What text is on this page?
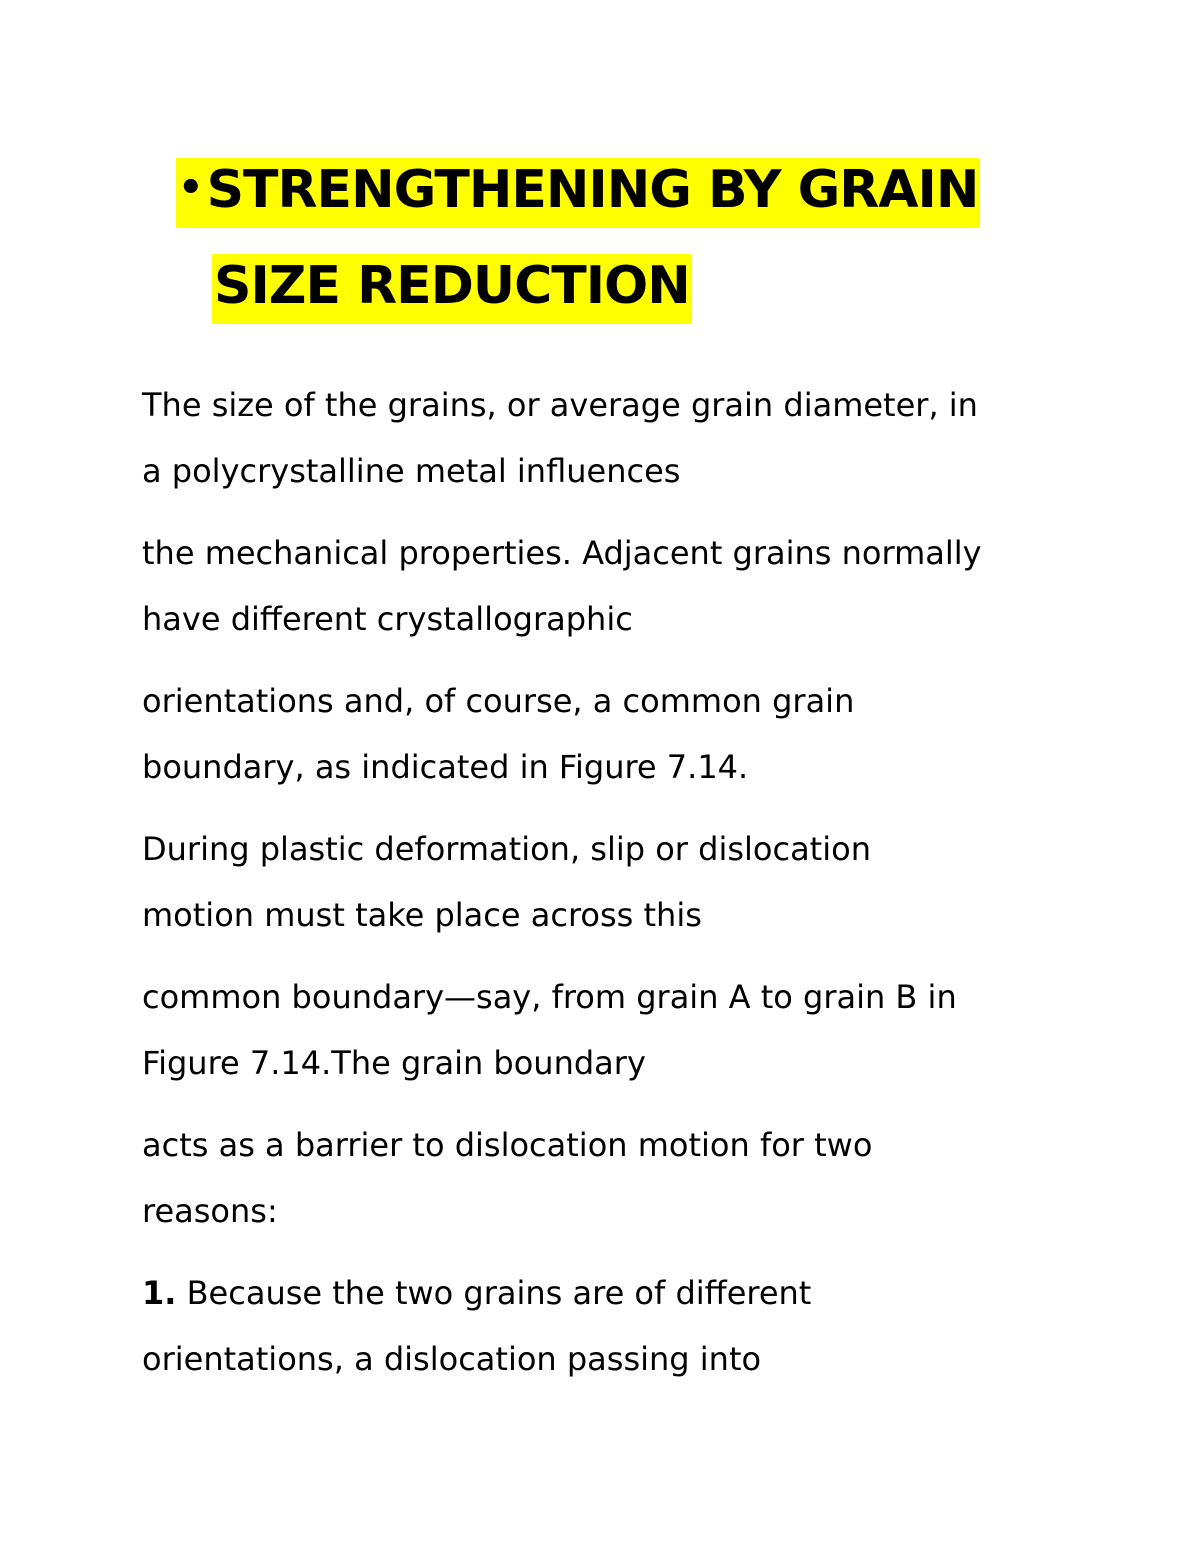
•STRENGTHENING BY GRAIN
SIZE REDUCTION

The size of the grains, or average grain diameter, in
a polycrystalline metal influences

the mechanical properties. Adjacent grains normally
have different crystallographic

orientations and, of course, a common grain
boundary, as indicated in Figure 7.14.

During plastic deformation, slip or dislocation
motion must take place across this

common boundary—say, from grain A to grain B in
Figure 7.14.The grain boundary

acts as a barrier to dislocation motion for two
reasons:

1. Because the two grains are of different
orientations, a dislocation passing into
